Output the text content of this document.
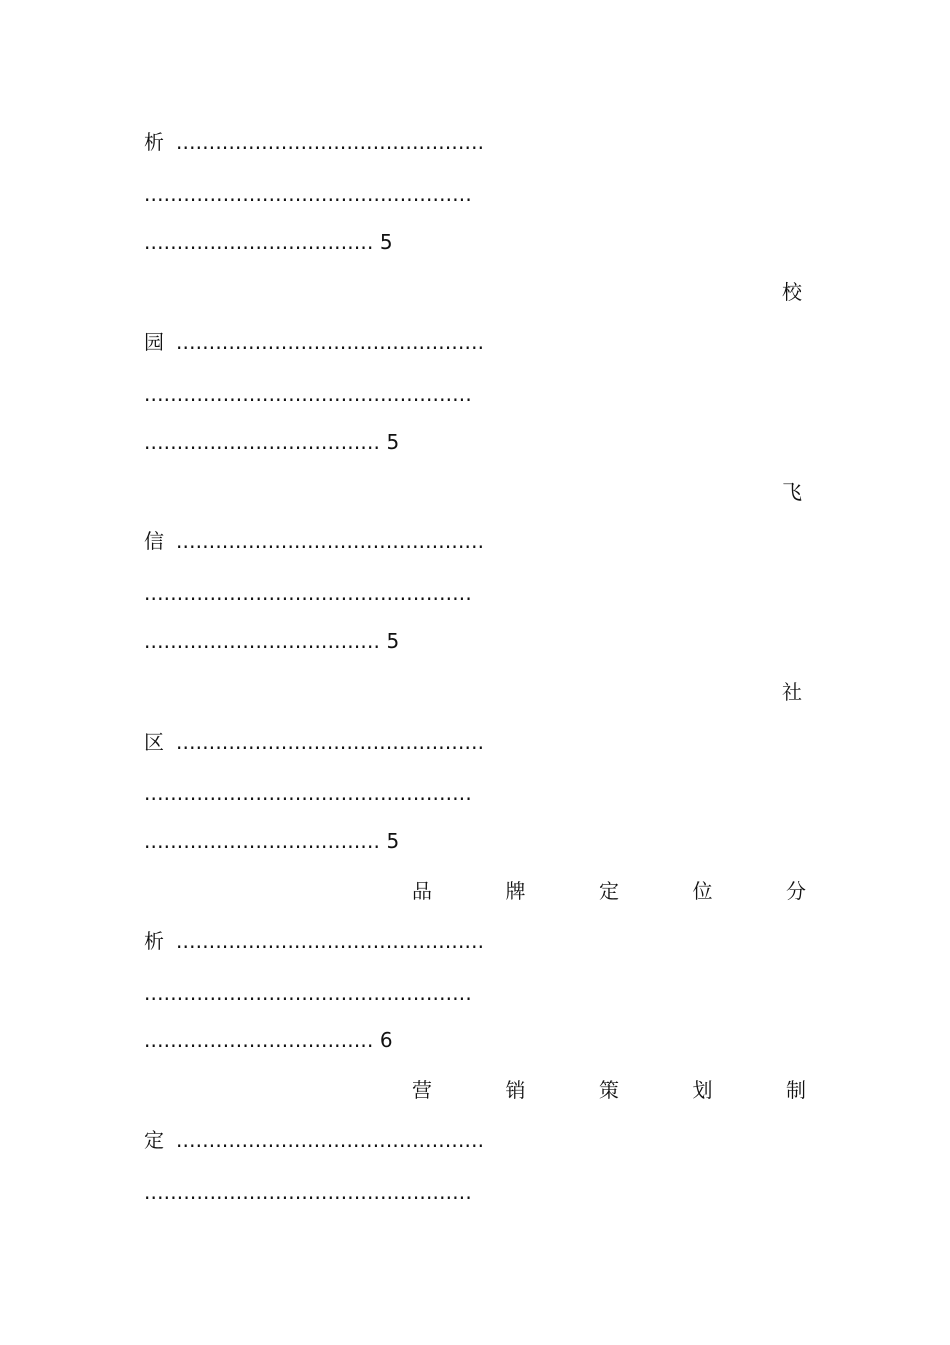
析 ...............................................
..................................................
................................... 5
校
园 ...............................................
..................................................
.................................... 5
飞
信 ...............................................
..................................................
.................................... 5
社
区 ...............................................
..................................................
.................................... 5
品	牌	定	位	分
析 ...............................................
..................................................
................................... 6
营	销	策	划	制
定 ...............................................
..................................................
